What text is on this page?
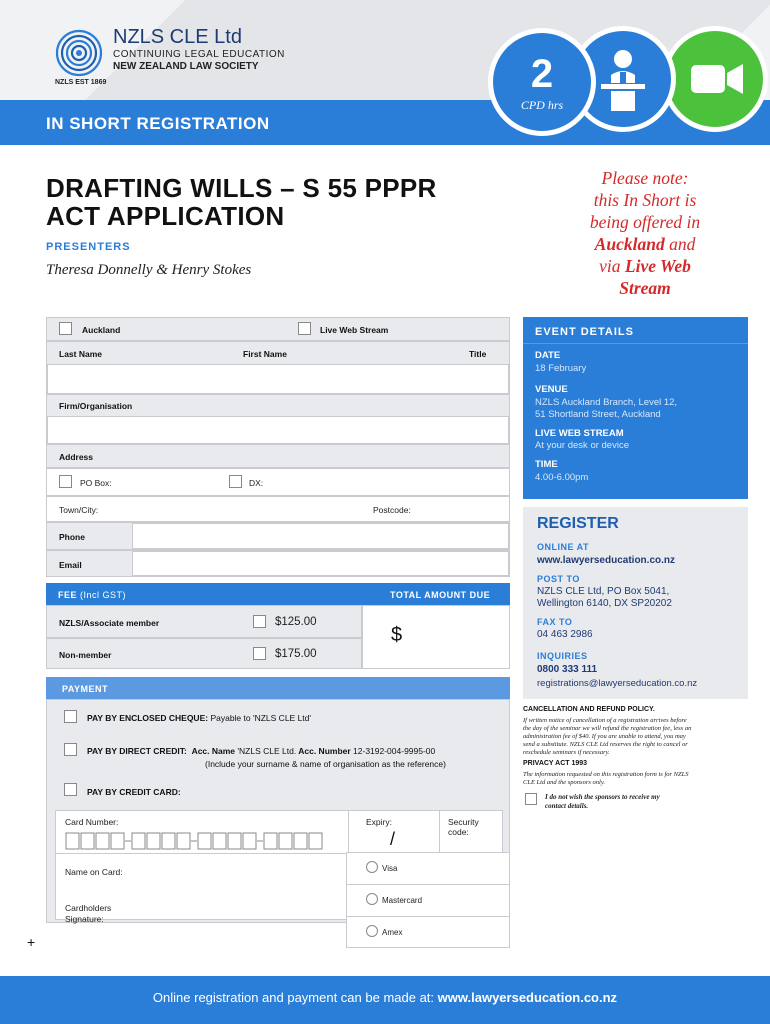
NZLS CLE Ltd
CONTINUING LEGAL EDUCATION
NEW ZEALAND LAW SOCIETY
NZLS EST 1869
IN SHORT REGISTRATION
2
CPD hrs
DRAFTING WILLS – S 55 PPPR
ACT APPLICATION
PRESENTERS
Theresa Donnelly & Henry Stokes
Please note:
this In Short is
being offered in
Auckland and
via Live Web
Stream
Auckland	Live Web Stream
Last Name	First Name	Title
Firm/Organisation
Address
PO Box:	DX:
Town/City:	Postcode:
Phone
Email
FEE (Incl GST)	TOTAL AMOUNT DUE
NZLS/Associate member	$125.00
Non-member	$175.00
$
PAYMENT
PAY BY ENCLOSED CHEQUE: Payable to 'NZLS CLE Ltd'
PAY BY DIRECT CREDIT: Acc. Name 'NZLS CLE Ltd. Acc. Number 12-3192-004-9995-00
(Include your surname & name of organisation as the reference)
PAY BY CREDIT CARD:
Card Number:	Expiry:
/
Security
code:
Name on Card:
Cardholders
Signature:
Visa
Mastercard
Amex
+
EVENT DETAILS
DATE
18 February
VENUE
NZLS Auckland Branch, Level 12,
51 Shortland Street, Auckland
LIVE WEB STREAM
At your desk or device
TIME
4.00-6.00pm
REGISTER
ONLINE AT
www.lawyerseducation.co.nz
POST TO
NZLS CLE Ltd, PO Box 5041,
Wellington 6140, DX SP20202
FAX TO
04 463 2986
INQUIRIES
0800 333 111
registrations@lawyerseducation.co.nz
CANCELLATION AND REFUND POLICY.
If written notice of cancellation of a registration arrives before
the day of the seminar we will refund the registration fee, less an
administration fee of $40. If you are unable to attend, you may
send a substitute. NZLS CLE Ltd reserves the right to cancel or
reschedule seminars if necessary.
PRIVACY ACT 1993
The information requested on this registration form is for NZLS
CLE Ltd and the sponsors only.
I do not wish the sponsors to receive my
contact details.
Online registration and payment can be made at: www.lawyerseducation.co.nz
